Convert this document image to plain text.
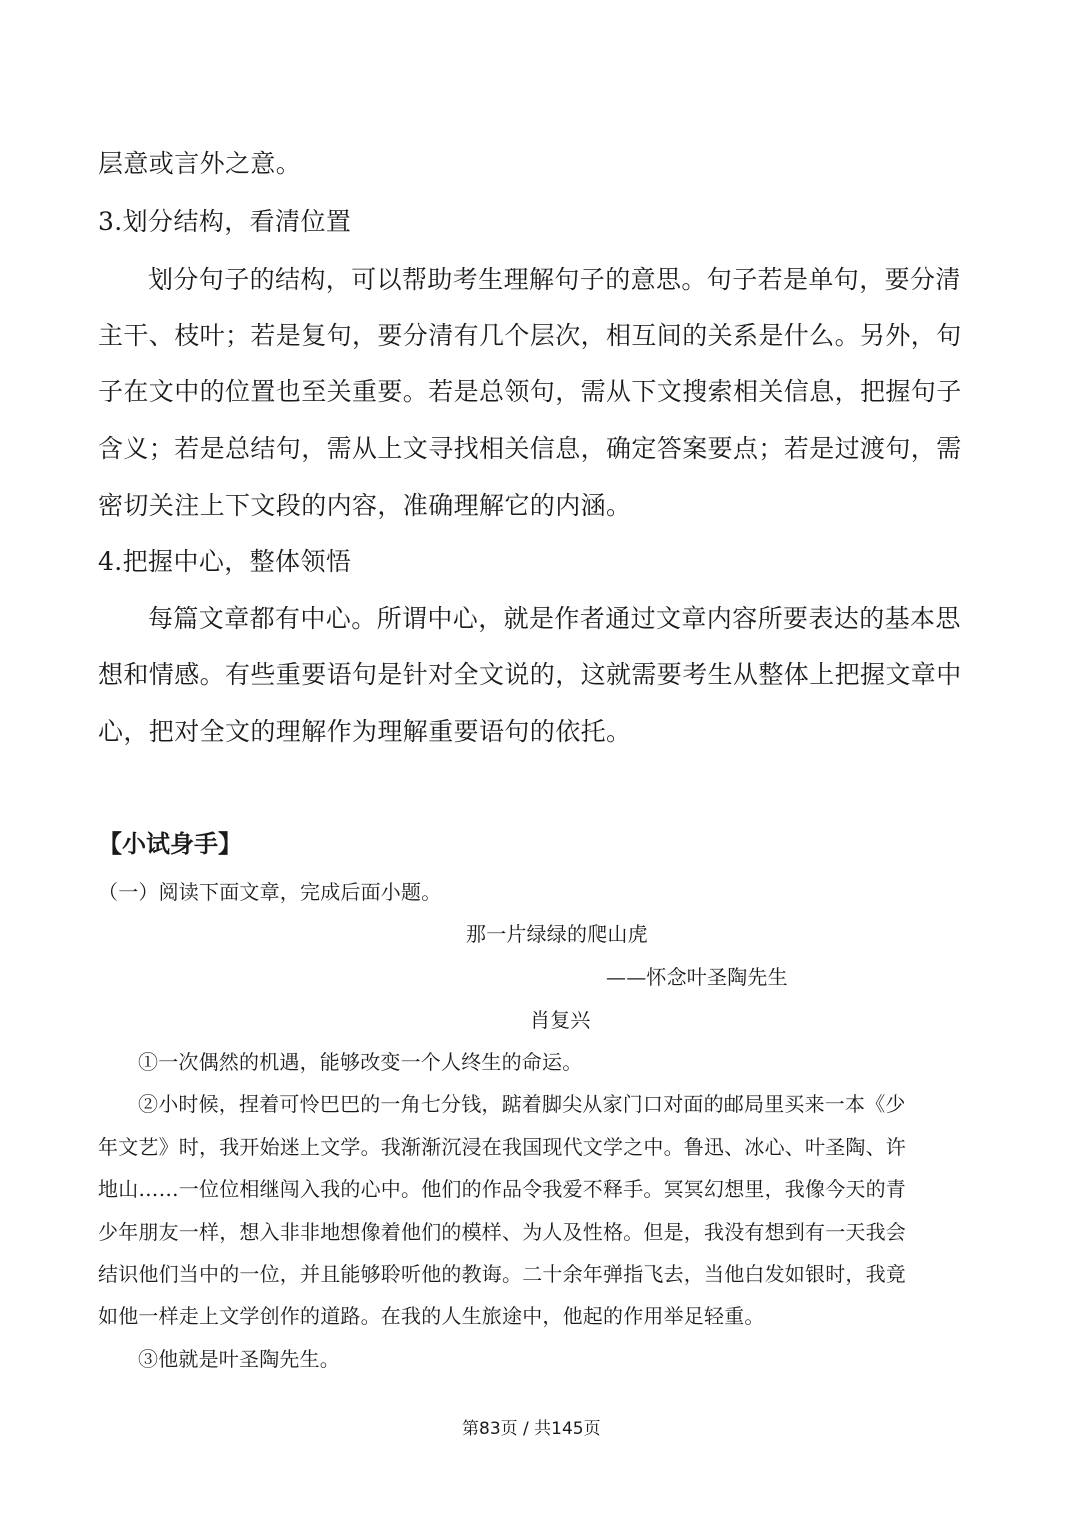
层意或言外之意。
3.划分结构，看清位置
划分句子的结构，可以帮助考生理解句子的意思。句子若是单句，要分清
主干、枝叶；若是复句，要分清有几个层次，相互间的关系是什么。另外，句
子在文中的位置也至关重要。若是总领句，需从下文搜索相关信息，把握句子
含义；若是总结句，需从上文寻找相关信息，确定答案要点；若是过渡句，需
密切关注上下文段的内容，准确理解它的内涵。
4.把握中心，整体领悟
每篇文章都有中心。所谓中心，就是作者通过文章内容所要表达的基本思
想和情感。有些重要语句是针对全文说的，这就需要考生从整体上把握文章中
心，把对全文的理解作为理解重要语句的依托。
【小试身手】
（一）阅读下面文章，完成后面小题。
那一片绿绿的爬山虎
——怀念叶圣陶先生
肖复兴
①一次偶然的机遇，能够改变一个人终生的命运。
②小时候，捏着可怜巴巴的一角七分钱，踮着脚尖从家门口对面的邮局里买来一本《少
年文艺》时，我开始迷上文学。我渐渐沉浸在我国现代文学之中。鲁迅、冰心、叶圣陶、许
地山……一位位相继闯入我的心中。他们的作品令我爱不释手。冥冥幻想里，我像今天的青
少年朋友一样，想入非非地想像着他们的模样、为人及性格。但是，我没有想到有一天我会
结识他们当中的一位，并且能够聆听他的教诲。二十余年弹指飞去，当他白发如银时，我竟
如他一样走上文学创作的道路。在我的人生旅途中，他起的作用举足轻重。
③他就是叶圣陶先生。
第83页 / 共145页
